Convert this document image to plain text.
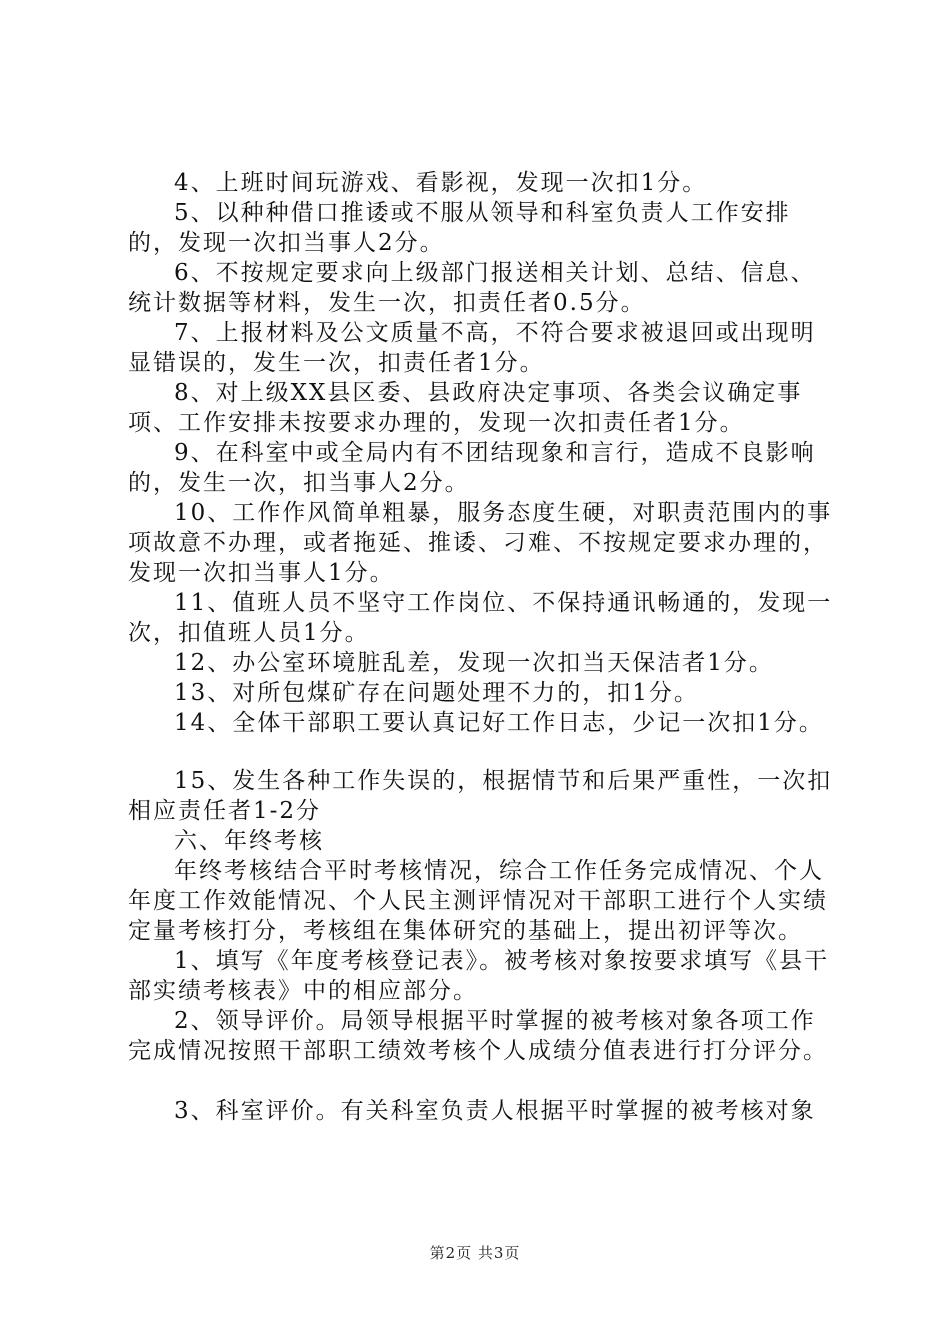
4、上班时间玩游戏、看影视，发现一次扣1分。

5、以种种借口推诿或不服从领导和科室负责人工作安排的，发现一次扣当事人2分。

6、不按规定要求向上级部门报送相关计划、总结、信息、统计数据等材料，发生一次，扣责任者0.5分。

7、上报材料及公文质量不高，不符合要求被退回或出现明显错误的，发生一次，扣责任者1分。

8、对上级XX县区委、县政府决定事项、各类会议确定事项、工作安排未按要求办理的，发现一次扣责任者1分。

9、在科室中或全局内有不团结现象和言行，造成不良影响的，发生一次，扣当事人2分。

10、工作作风简单粗暴，服务态度生硬，对职责范围内的事项故意不办理，或者拖延、推诿、刁难、不按规定要求办理的，发现一次扣当事人1分。

11、值班人员不坚守工作岗位、不保持通讯畅通的，发现一次，扣值班人员1分。

12、办公室环境脏乱差，发现一次扣当天保洁者1分。

13、对所包煤矿存在问题处理不力的，扣1分。

14、全体干部职工要认真记好工作日志，少记一次扣1分。

15、发生各种工作失误的，根据情节和后果严重性，一次扣相应责任者1-2分

六、年终考核

年终考核结合平时考核情况，综合工作任务完成情况、个人年度工作效能情况、个人民主测评情况对干部职工进行个人实绩定量考核打分，考核组在集体研究的基础上，提出初评等次。

1、填写《年度考核登记表》。被考核对象按要求填写《县干部实绩考核表》中的相应部分。

2、领导评价。局领导根据平时掌握的被考核对象各项工作完成情况按照干部职工绩效考核个人成绩分值表进行打分评分。

3、科室评价。有关科室负责人根据平时掌握的被考核对象

第2页 共3页
